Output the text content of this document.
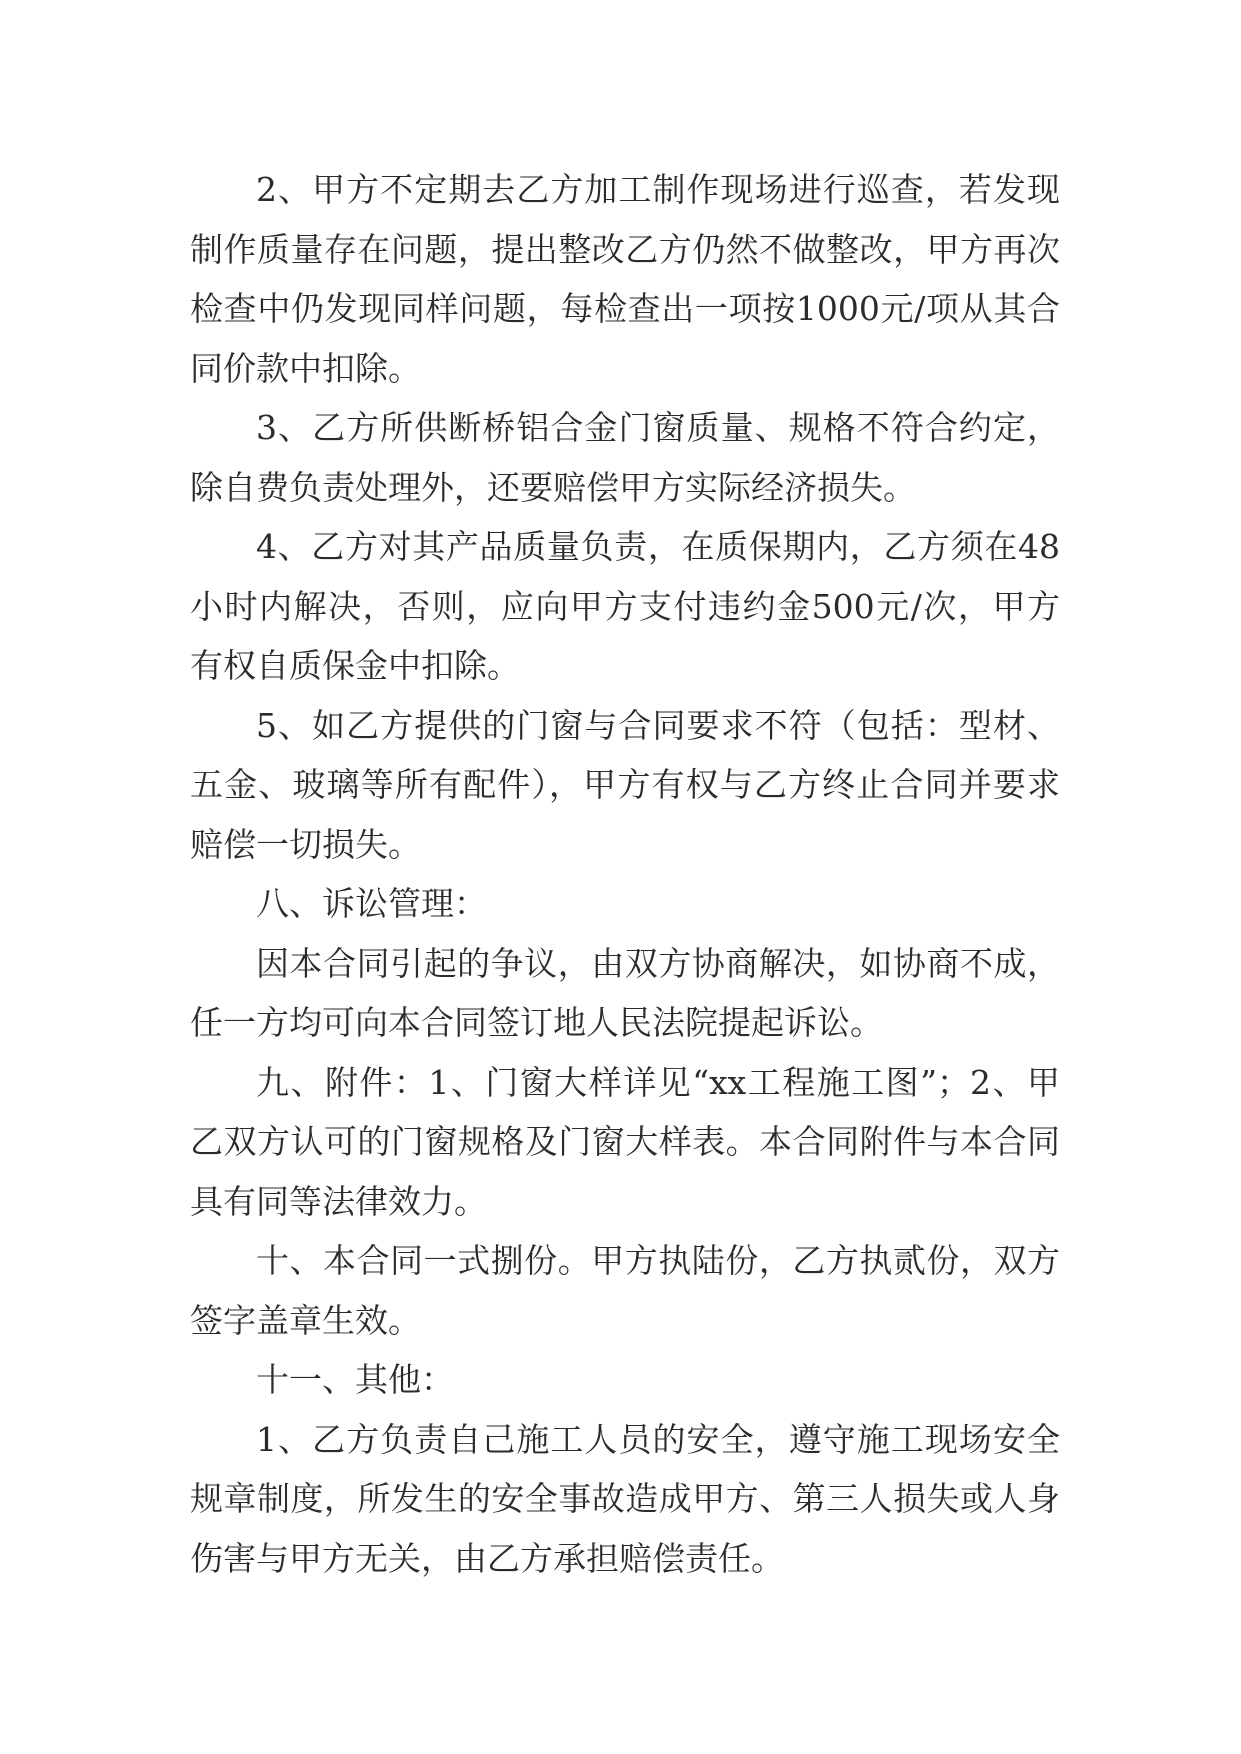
2、甲方不定期去乙方加工制作现场进行巡查，若发现
制作质量存在问题，提出整改乙方仍然不做整改，甲方再次
检查中仍发现同样问题，每检查出一项按1000元/项从其合
同价款中扣除。
3、乙方所供断桥铝合金门窗质量、规格不符合约定，
除自费负责处理外，还要赔偿甲方实际经济损失。
4、乙方对其产品质量负责，在质保期内，乙方须在48
小时内解决，否则，应向甲方支付违约金500元/次，甲方
有权自质保金中扣除。
5、如乙方提供的门窗与合同要求不符（包括：型材、
五金、玻璃等所有配件），甲方有权与乙方终止合同并要求
赔偿一切损失。
八、诉讼管理：
因本合同引起的争议，由双方协商解决，如协商不成，
任一方均可向本合同签订地人民法院提起诉讼。
九、附件：1、门窗大样详见“xx工程施工图”；2、甲
乙双方认可的门窗规格及门窗大样表。本合同附件与本合同
具有同等法律效力。
十、本合同一式捌份。甲方执陆份，乙方执贰份，双方
签字盖章生效。
十一、其他：
1、乙方负责自己施工人员的安全，遵守施工现场安全
规章制度，所发生的安全事故造成甲方、第三人损失或人身
伤害与甲方无关，由乙方承担赔偿责任。
